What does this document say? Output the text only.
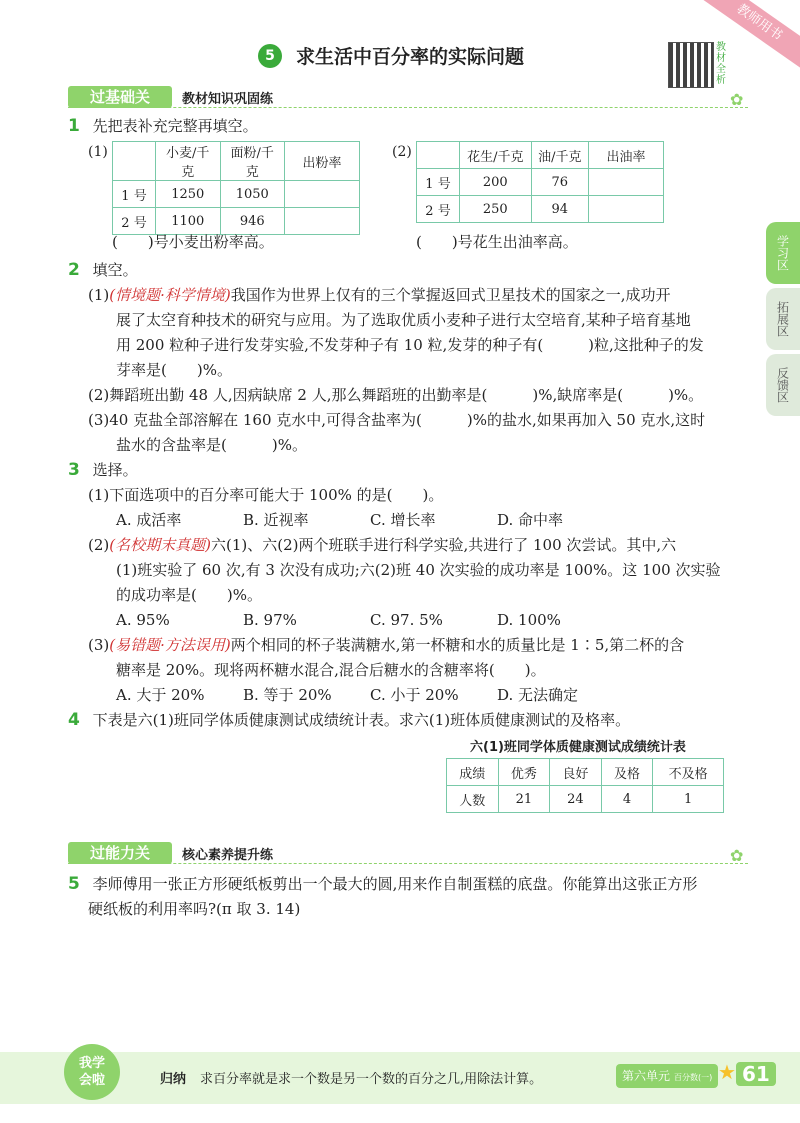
教师用书
5	求生活中百分率的实际问题	教材全析
过基础关	教材知识巩固练	✿
学习区
拓展区
反馈区
1 先把表补充完整再填空。
(1)
		小麦/千克	面粉/千克	出粉率
1 号	1250	1050	
2 号	1100	946	
(　　)号小麦出粉率高。
(2)
		花生/千克	油/千克	出油率
1 号	200	76	
2 号	250	94	
(　　)号花生出油率高。
2 填空。
(1)(情境题·科学情境)我国作为世界上仅有的三个掌握返回式卫星技术的国家之一,成功开
展了太空育种技术的研究与应用。为了选取优质小麦种子进行太空培育,某种子培育基地
用 200 粒种子进行发芽实验,不发芽种子有 10 粒,发芽的种子有(　　　)粒,这批种子的发
芽率是(　　)%。
(2)舞蹈班出勤 48 人,因病缺席 2 人,那么舞蹈班的出勤率是(　　　)%,缺席率是(　　　)%。
(3)40 克盐全部溶解在 160 克水中,可得含盐率为(　　　)%的盐水,如果再加入 50 克水,这时
盐水的含盐率是(　　　)%。
3 选择。
(1)下面选项中的百分率可能大于 100% 的是(　　)。
A. 成活率	B. 近视率	C. 增长率	D. 命中率
(2)(名校期末真题)六(1)、六(2)两个班联手进行科学实验,共进行了 100 次尝试。其中,六
(1)班实验了 60 次,有 3 次没有成功;六(2)班 40 次实验的成功率是 100%。这 100 次实验
的成功率是(　　)%。
A. 95%	B. 97%	C. 97. 5%	D. 100%
(3)(易错题·方法误用)两个相同的杯子装满糖水,第一杯糖和水的质量比是 1∶5,第二杯的含
糖率是 20%。现将两杯糖水混合,混合后糖水的含糖率将(　　)。
A. 大于 20%	B. 等于 20%	C. 小于 20%	D. 无法确定
4 下表是六(1)班同学体质健康测试成绩统计表。求六(1)班体质健康测试的及格率。
六(1)班同学体质健康测试成绩统计表
成绩	优秀	良好	及格	不及格
人数	21	24	4	1
过能力关	核心素养提升练	✿
5 李师傅用一张正方形硬纸板剪出一个最大的圆,用来作自制蛋糕的底盘。你能算出这张正方形
硬纸板的利用率吗?(π 取 3. 14)
我学会啦	归纳 求百分率就是求一个数是另一个数的百分之几,用除法计算。	第六单元 百分数(一) ★ 61
